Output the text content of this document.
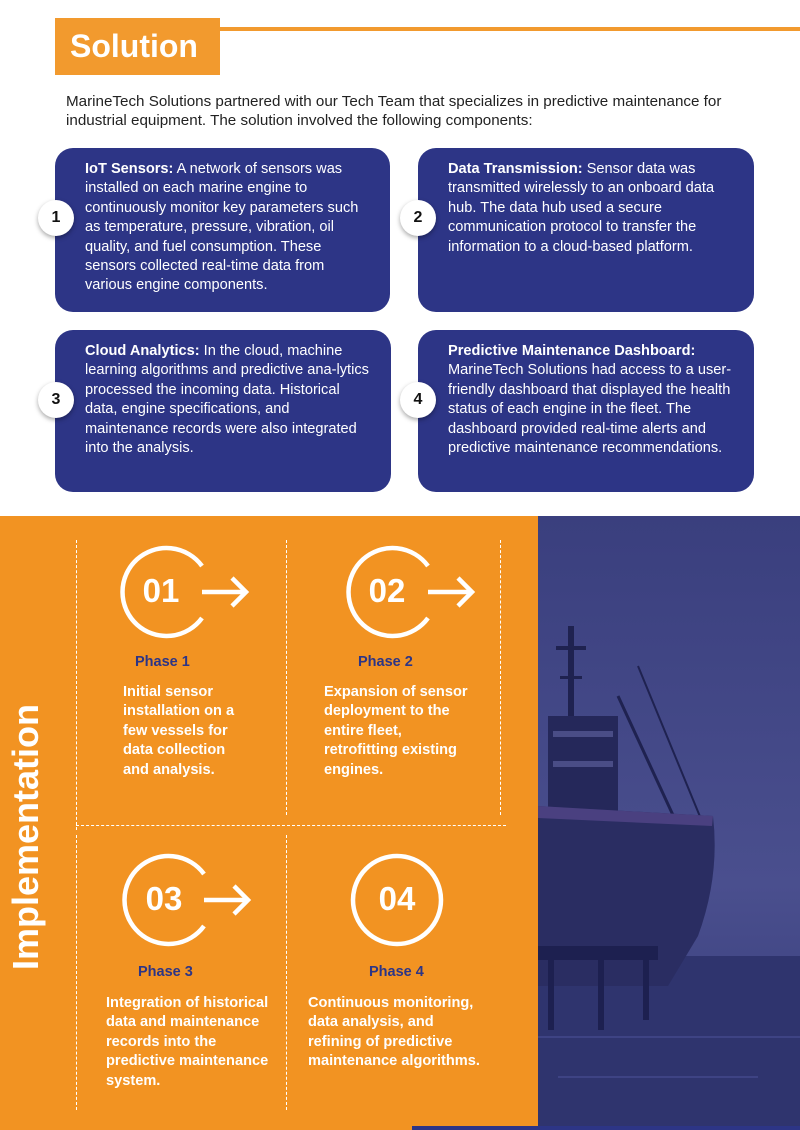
Solution

MarineTech Solutions partnered with our Tech Team that specializes in predictive maintenance for industrial equipment. The solution involved the following components:

IoT Sensors: A network of sensors was installed on each marine engine to continuously monitor key parameters such as temperature, pressure, vibration, oil quality, and fuel consumption. These sensors collected real-time data from various engine components.
1
Data Transmission: Sensor data was transmitted wirelessly to an onboard data hub. The data hub used a secure communication protocol to transfer the information to a cloud-based platform.
2
Cloud Analytics: In the cloud, machine learning algorithms and predictive ana-lytics processed the incoming data. Historical data, engine specifications, and maintenance records were also integrated into the analysis.
3
Predictive Maintenance Dashboard: MarineTech Solutions had access to a user-friendly dashboard that displayed the health status of each engine in the fleet. The dashboard provided real-time alerts and predictive maintenance recommendations.
4
Implementation
01
Phase 1
Initial sensor installation on a few vessels for data collection and analysis.
02
Phase 2
Expansion of sensor deployment to the entire fleet, retrofitting existing engines.
03
Phase 3
Integration of historical data and maintenance records into the predictive maintenance system.
04
Phase 4
Continuous monitoring, data analysis, and refining of predictive maintenance algorithms.
